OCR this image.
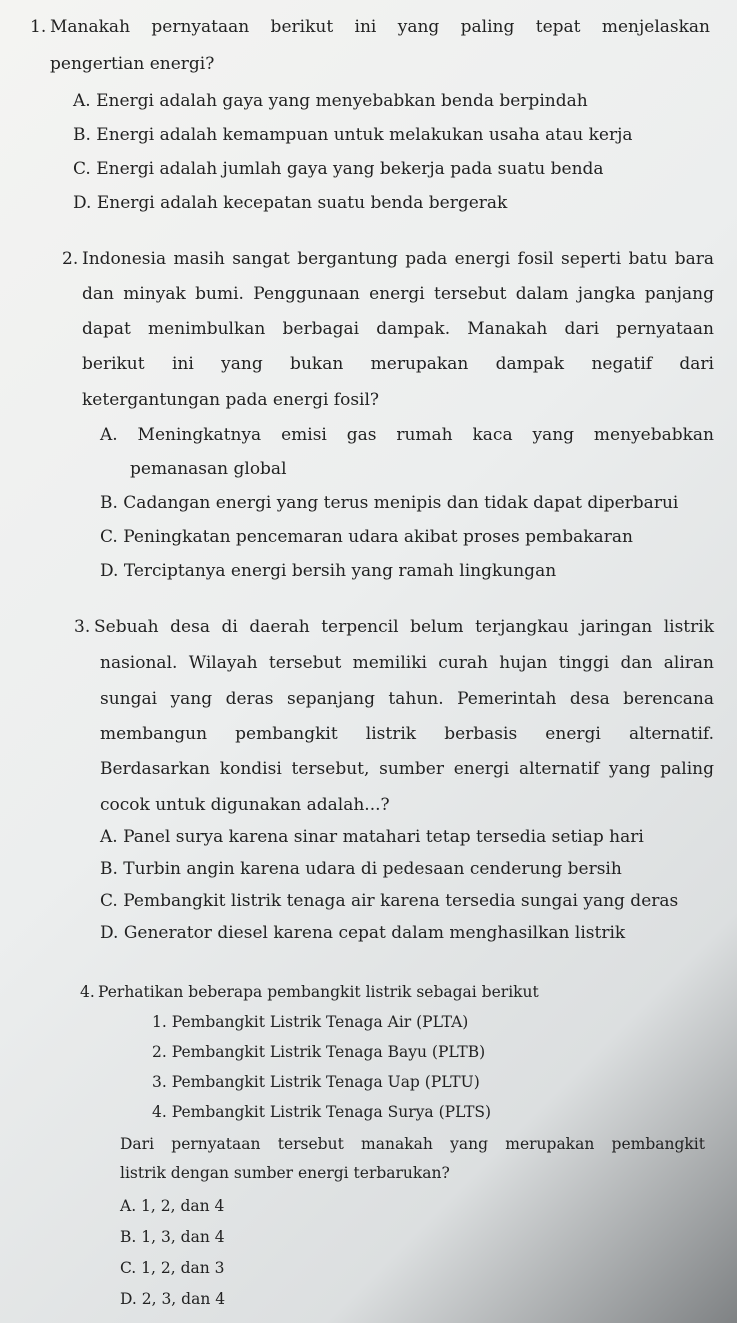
1. Manakah pernyataan berikut ini yang paling tepat menjelaskan
pengertian energi?
A. Energi adalah gaya yang menyebabkan benda berpindah
B. Energi adalah kemampuan untuk melakukan usaha atau kerja
C. Energi adalah jumlah gaya yang bekerja pada suatu benda
D. Energi adalah kecepatan suatu benda bergerak
2. Indonesia masih sangat bergantung pada energi fosil seperti batu bara
dan minyak bumi. Penggunaan energi tersebut dalam jangka panjang
dapat menimbulkan berbagai dampak. Manakah dari pernyataan
berikut ini yang bukan merupakan dampak negatif dari
ketergantungan pada energi fosil?
A. Meningkatnya emisi gas rumah kaca yang menyebabkan
pemanasan global
B. Cadangan energi yang terus menipis dan tidak dapat diperbarui
C. Peningkatan pencemaran udara akibat proses pembakaran
D. Terciptanya energi bersih yang ramah lingkungan
3. Sebuah desa di daerah terpencil belum terjangkau jaringan listrik
nasional. Wilayah tersebut memiliki curah hujan tinggi dan aliran
sungai yang deras sepanjang tahun. Pemerintah desa berencana
membangun pembangkit listrik berbasis energi alternatif.
Berdasarkan kondisi tersebut, sumber energi alternatif yang paling
cocok untuk digunakan adalah...?
A. Panel surya karena sinar matahari tetap tersedia setiap hari
B. Turbin angin karena udara di pedesaan cenderung bersih
C. Pembangkit listrik tenaga air karena tersedia sungai yang deras
D. Generator diesel karena cepat dalam menghasilkan listrik
4. Perhatikan beberapa pembangkit listrik sebagai berikut
1. Pembangkit Listrik Tenaga Air (PLTA)
2. Pembangkit Listrik Tenaga Bayu (PLTB)
3. Pembangkit Listrik Tenaga Uap (PLTU)
4. Pembangkit Listrik Tenaga Surya (PLTS)
Dari pernyataan tersebut manakah yang merupakan pembangkit
listrik dengan sumber energi terbarukan?
A. 1, 2, dan 4
B. 1, 3, dan 4
C. 1, 2, dan 3
D. 2, 3, dan 4
